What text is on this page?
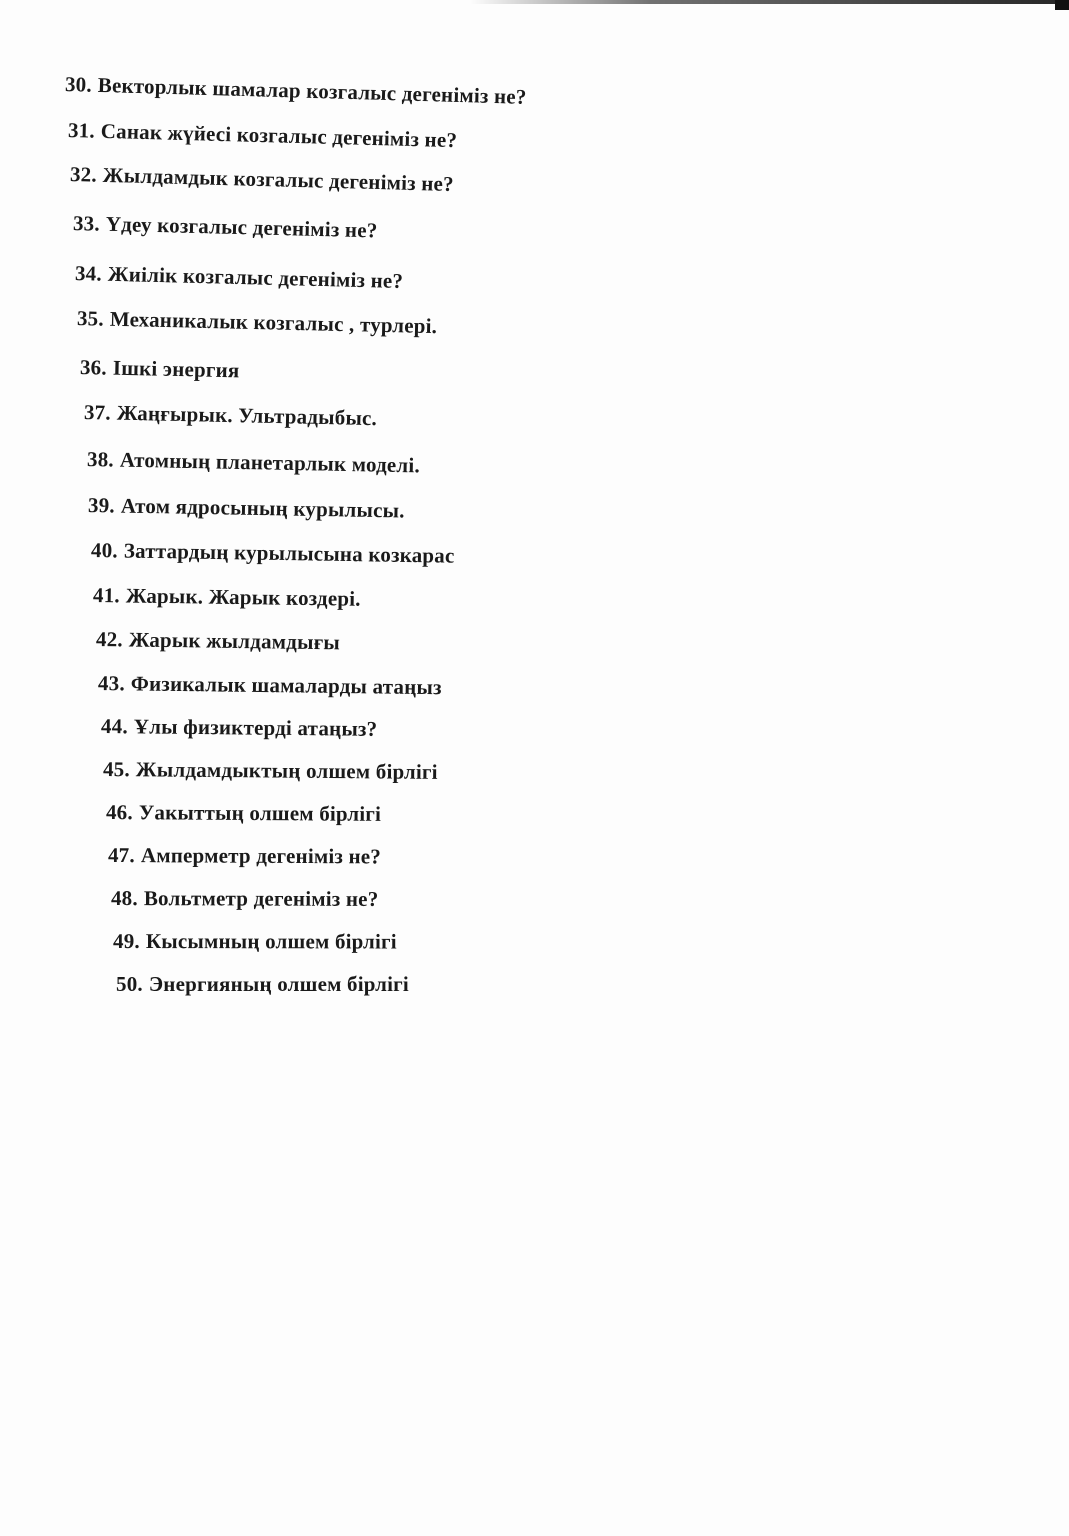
30. Векторлык шамалар козгалыс дегеніміз не?

31. Санак жүйесі козгалыс дегеніміз не?

32. Жылдамдык козгалыс дегеніміз не?

33. Үдеу козгалыс дегеніміз не?

34. Жиілік козгалыс дегеніміз не?

35. Механикалык козгалыс , турлері.

36. Ішкі энергия

37. Жаңғырык. Ультрадыбыс.

38. Атомның планетарлык моделі.

39. Атом ядросының курылысы.

40. Заттардың курылысына козкарас

41. Жарык. Жарык коздері.

42. Жарык жылдамдығы

43. Физикалык шамаларды атаңыз

44. Ұлы физиктерді атаңыз?

45. Жылдамдыктың олшем бірлігі

46. Уакыттың олшем бірлігі

47. Амперметр дегеніміз не?

48. Вольтметр дегеніміз не?

49. Кысымның олшем бірлігі

50. Энергияның олшем бірлігі
